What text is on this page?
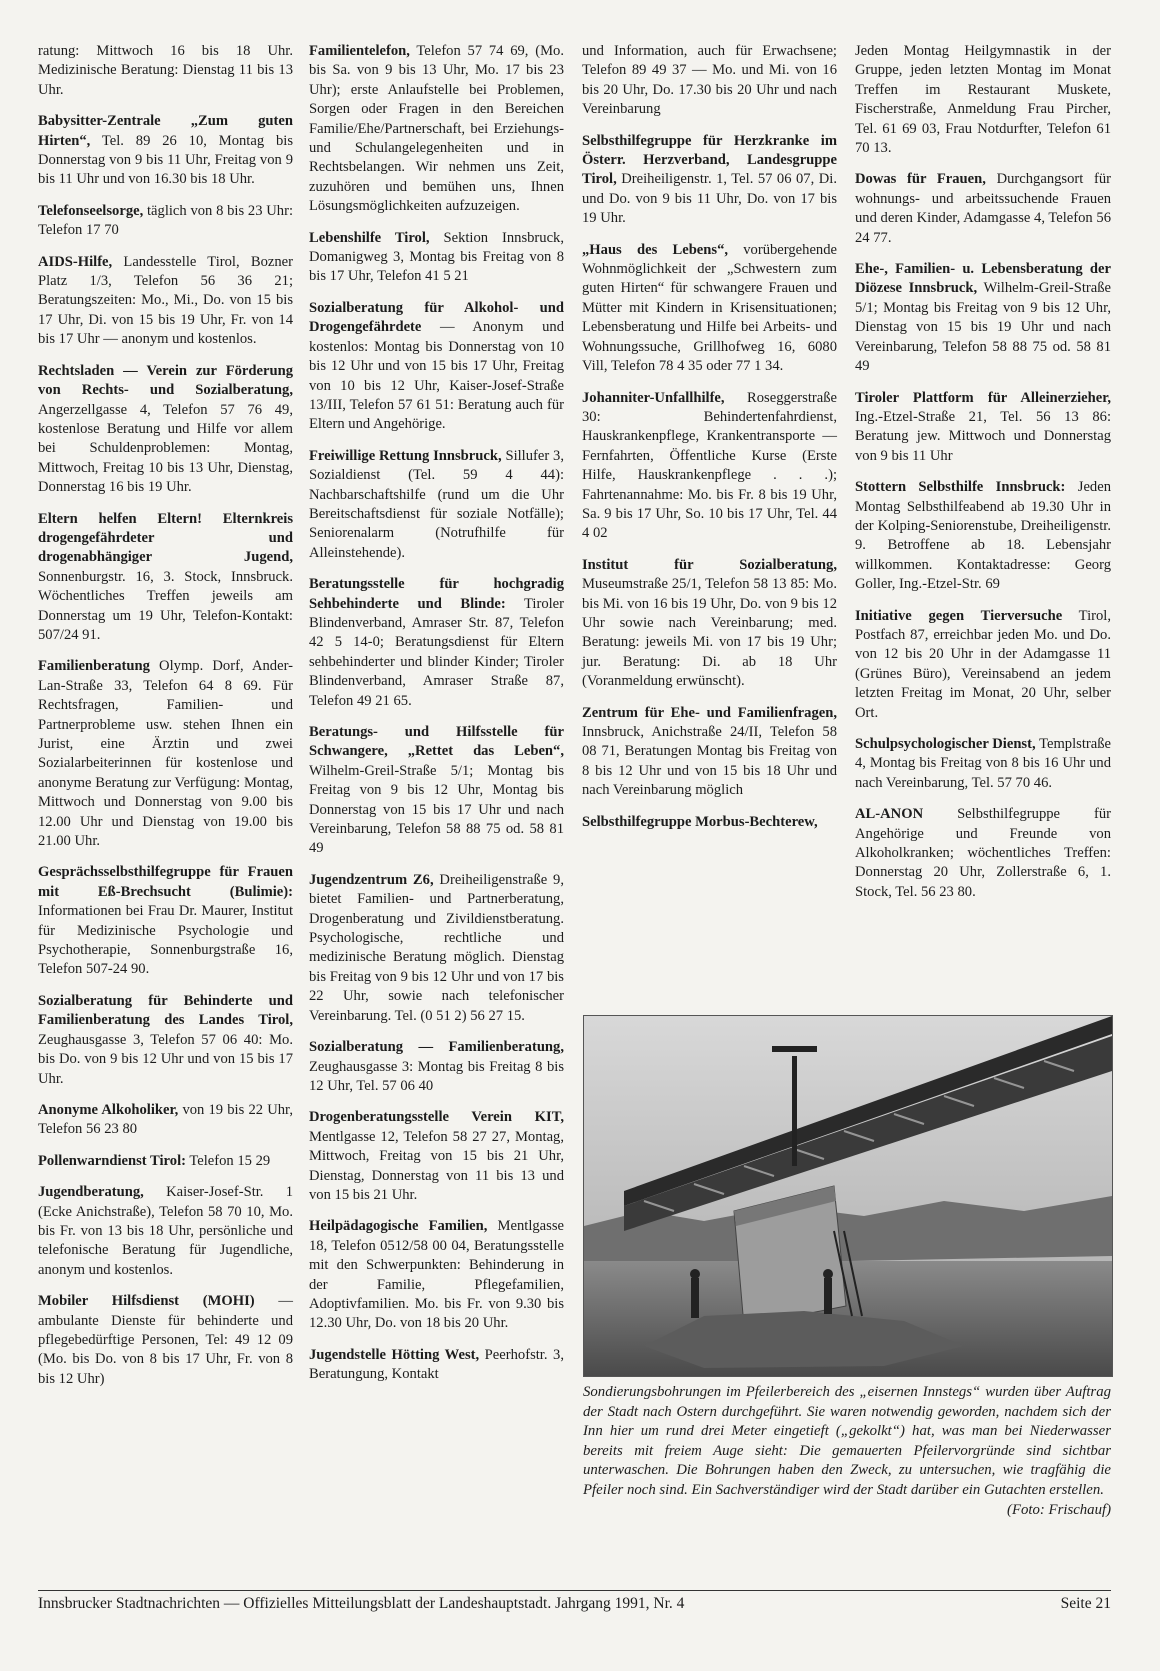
ratung: Mittwoch 16 bis 18 Uhr. Medizinische Beratung: Dienstag 11 bis 13 Uhr.
Babysitter-Zentrale „Zum guten Hirten“, Tel. 89 26 10, Montag bis Donnerstag von 9 bis 11 Uhr, Freitag von 9 bis 11 Uhr und von 16.30 bis 18 Uhr.
Telefonseelsorge, täglich von 8 bis 23 Uhr: Telefon 17 70
AIDS-Hilfe, Landesstelle Tirol, Bozner Platz 1/3, Telefon 56 36 21; Beratungszeiten: Mo., Mi., Do. von 15 bis 17 Uhr, Di. von 15 bis 19 Uhr, Fr. von 14 bis 17 Uhr — anonym und kostenlos.
Rechtsladen — Verein zur Förderung von Rechts- und Sozialberatung, Angerzellgasse 4, Telefon 57 76 49, kostenlose Beratung und Hilfe vor allem bei Schuldenproblemen: Montag, Mittwoch, Freitag 10 bis 13 Uhr, Dienstag, Donnerstag 16 bis 19 Uhr.
Eltern helfen Eltern! Elternkreis drogengefährdeter und drogenabhängiger Jugend, Sonnenburgstr. 16, 3. Stock, Innsbruck. Wöchentliches Treffen jeweils am Donnerstag um 19 Uhr, Telefon-Kontakt: 507/24 91.
Familienberatung Olymp. Dorf, Ander-Lan-Straße 33, Telefon 64 8 69. Für Rechtsfragen, Familien- und Partnerprobleme usw. stehen Ihnen ein Jurist, eine Ärztin und zwei Sozialarbeiterinnen für kostenlose und anonyme Beratung zur Verfügung: Montag, Mittwoch und Donnerstag von 9.00 bis 12.00 Uhr und Dienstag von 19.00 bis 21.00 Uhr.
Gesprächsselbsthilfegruppe für Frauen mit Eß-Brechsucht (Bulimie): Informationen bei Frau Dr. Maurer, Institut für Medizinische Psychologie und Psychotherapie, Sonnenburgstraße 16, Telefon 507-24 90.
Sozialberatung für Behinderte und Familienberatung des Landes Tirol, Zeughausgasse 3, Telefon 57 06 40: Mo. bis Do. von 9 bis 12 Uhr und von 15 bis 17 Uhr.
Anonyme Alkoholiker, von 19 bis 22 Uhr, Telefon 56 23 80
Pollenwarndienst Tirol: Telefon 15 29
Jugendberatung, Kaiser-Josef-Str. 1 (Ecke Anichstraße), Telefon 58 70 10, Mo. bis Fr. von 13 bis 18 Uhr, persönliche und telefonische Beratung für Jugendliche, anonym und kostenlos.
Mobiler Hilfsdienst (MOHI) — ambulante Dienste für behinderte und pflegebedürftige Personen, Tel: 49 12 09 (Mo. bis Do. von 8 bis 17 Uhr, Fr. von 8 bis 12 Uhr)
Familientelefon, Telefon 57 74 69, (Mo. bis Sa. von 9 bis 13 Uhr, Mo. 17 bis 23 Uhr); erste Anlaufstelle bei Problemen, Sorgen oder Fragen in den Bereichen Familie/Ehe/Partnerschaft, bei Erziehungs- und Schulangelegenheiten und in Rechtsbelangen. Wir nehmen uns Zeit, zuzuhören und bemühen uns, Ihnen Lösungsmöglichkeiten aufzuzeigen.
Lebenshilfe Tirol, Sektion Innsbruck, Domanigweg 3, Montag bis Freitag von 8 bis 17 Uhr, Telefon 41 5 21
Sozialberatung für Alkohol- und Drogengefährdete — Anonym und kostenlos: Montag bis Donnerstag von 10 bis 12 Uhr und von 15 bis 17 Uhr, Freitag von 10 bis 12 Uhr, Kaiser-Josef-Straße 13/III, Telefon 57 61 51: Beratung auch für Eltern und Angehörige.
Freiwillige Rettung Innsbruck, Sillufer 3, Sozialdienst (Tel. 59 4 44): Nachbarschaftshilfe (rund um die Uhr Bereitschaftsdienst für soziale Notfälle); Seniorenalarm (Notrufhilfe für Alleinstehende).
Beratungsstelle für hochgradig Sehbehinderte und Blinde: Tiroler Blindenverband, Amraser Str. 87, Telefon 42 5 14-0; Beratungsdienst für Eltern sehbehinderter und blinder Kinder; Tiroler Blindenverband, Amraser Straße 87, Telefon 49 21 65.
Beratungs- und Hilfsstelle für Schwangere, „Rettet das Leben“, Wilhelm-Greil-Straße 5/1; Montag bis Freitag von 9 bis 12 Uhr, Montag bis Donnerstag von 15 bis 17 Uhr und nach Vereinbarung, Telefon 58 88 75 od. 58 81 49
Jugendzentrum Z6, Dreiheiligenstraße 9, bietet Familien- und Partnerberatung, Drogenberatung und Zivildienstberatung. Psychologische, rechtliche und medizinische Beratung möglich. Dienstag bis Freitag von 9 bis 12 Uhr und von 17 bis 22 Uhr, sowie nach telefonischer Vereinbarung. Tel. (0 51 2) 56 27 15.
Sozialberatung — Familienberatung, Zeughausgasse 3: Montag bis Freitag 8 bis 12 Uhr, Tel. 57 06 40
Drogenberatungsstelle Verein KIT, Mentlgasse 12, Telefon 58 27 27, Montag, Mittwoch, Freitag von 15 bis 21 Uhr, Dienstag, Donnerstag von 11 bis 13 und von 15 bis 21 Uhr.
Heilpädagogische Familien, Mentlgasse 18, Telefon 0512/58 00 04, Beratungsstelle mit den Schwerpunkten: Behinderung in der Familie, Pflegefamilien, Adoptivfamilien. Mo. bis Fr. von 9.30 bis 12.30 Uhr, Do. von 18 bis 20 Uhr.
Jugendstelle Hötting West, Peerhofstr. 3, Beratungung, Kontakt
und Information, auch für Erwachsene; Telefon 89 49 37 — Mo. und Mi. von 16 bis 20 Uhr, Do. 17.30 bis 20 Uhr und nach Vereinbarung
Selbsthilfegruppe für Herzkranke im Österr. Herzverband, Landesgruppe Tirol, Dreiheiligenstr. 1, Tel. 57 06 07, Di. und Do. von 9 bis 11 Uhr, Do. von 17 bis 19 Uhr.
„Haus des Lebens“, vorübergehende Wohnmöglichkeit der „Schwestern zum guten Hirten“ für schwangere Frauen und Mütter mit Kindern in Krisensituationen; Lebensberatung und Hilfe bei Arbeits- und Wohnungssuche, Grillhofweg 16, 6080 Vill, Telefon 78 4 35 oder 77 1 34.
Johanniter-Unfallhilfe, Roseggerstraße 30: Behindertenfahrdienst, Hauskrankenpflege, Krankentransporte — Fernfahrten, Öffentliche Kurse (Erste Hilfe, Hauskrankenpflege . . .); Fahrtenannahme: Mo. bis Fr. 8 bis 19 Uhr, Sa. 9 bis 17 Uhr, So. 10 bis 17 Uhr, Tel. 44 4 02
Institut für Sozialberatung, Museumstraße 25/1, Telefon 58 13 85: Mo. bis Mi. von 16 bis 19 Uhr, Do. von 9 bis 12 Uhr sowie nach Vereinbarung; med. Beratung: jeweils Mi. von 17 bis 19 Uhr; jur. Beratung: Di. ab 18 Uhr (Voranmeldung erwünscht).
Zentrum für Ehe- und Familienfragen, Innsbruck, Anichstraße 24/II, Telefon 58 08 71, Beratungen Montag bis Freitag von 8 bis 12 Uhr und von 15 bis 18 Uhr und nach Vereinbarung möglich
Selbsthilfegruppe Morbus-Bechterew,
Jeden Montag Heilgymnastik in der Gruppe, jeden letzten Montag im Monat Treffen im Restaurant Muskete, Fischerstraße, Anmeldung Frau Pircher, Tel. 61 69 03, Frau Notdurfter, Telefon 61 70 13.
Dowas für Frauen, Durchgangsort für wohnungs- und arbeitssuchende Frauen und deren Kinder, Adamgasse 4, Telefon 56 24 77.
Ehe-, Familien- u. Lebensberatung der Diözese Innsbruck, Wilhelm-Greil-Straße 5/1; Montag bis Freitag von 9 bis 12 Uhr, Dienstag von 15 bis 19 Uhr und nach Vereinbarung, Telefon 58 88 75 od. 58 81 49
Tiroler Plattform für Alleinerzieher, Ing.-Etzel-Straße 21, Tel. 56 13 86: Beratung jew. Mittwoch und Donnerstag von 9 bis 11 Uhr
Stottern Selbsthilfe Innsbruck: Jeden Montag Selbsthilfeabend ab 19.30 Uhr in der Kolping-Seniorenstube, Dreiheiligenstr. 9. Betroffene ab 18. Lebensjahr willkommen. Kontaktadresse: Georg Goller, Ing.-Etzel-Str. 69
Initiative gegen Tierversuche Tirol, Postfach 87, erreichbar jeden Mo. und Do. von 12 bis 20 Uhr in der Adamgasse 11 (Grünes Büro), Vereinsabend an jedem letzten Freitag im Monat, 20 Uhr, selber Ort.
Schulpsychologischer Dienst, Templstraße 4, Montag bis Freitag von 8 bis 16 Uhr und nach Vereinbarung, Tel. 57 70 46.
AL-ANON Selbsthilfegruppe für Angehörige und Freunde von Alkoholkranken; wöchentliches Treffen: Donnerstag 20 Uhr, Zollerstraße 6, 1. Stock, Tel. 56 23 80.
Sondierungsbohrungen im Pfeilerbereich des „eisernen Innstegs“ wurden über Auftrag der Stadt nach Ostern durchgeführt. Sie waren notwendig geworden, nachdem sich der Inn hier um rund drei Meter eingetieft („gekolkt“) hat, was man bei Niederwasser bereits mit freiem Auge sieht: Die gemauerten Pfeilervorgründe sind sichtbar unterwaschen. Die Bohrungen haben den Zweck, zu untersuchen, wie tragfähig die Pfeiler noch sind. Ein Sachverständiger wird der Stadt darüber ein Gutachten erstellen.
(Foto: Frischauf)
Innsbrucker Stadtnachrichten — Offizielles Mitteilungsblatt der Landeshauptstadt. Jahrgang 1991, Nr. 4	Seite 21
